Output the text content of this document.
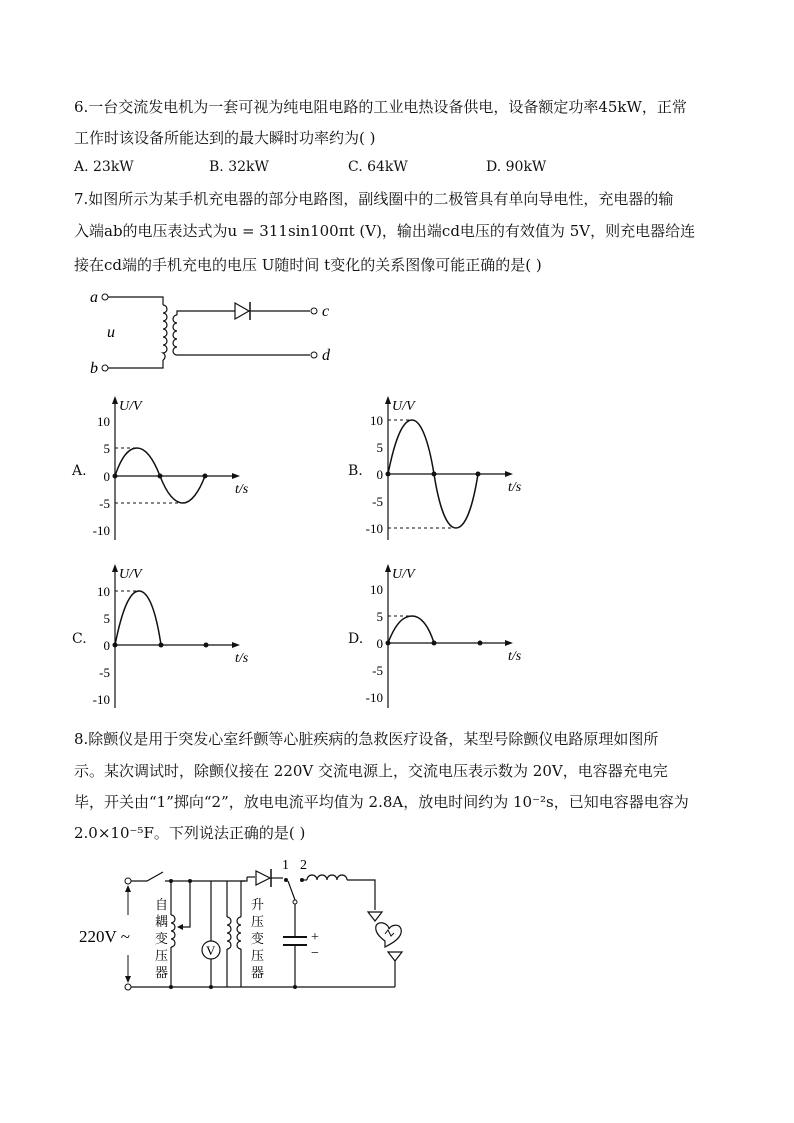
6.一台交流发电机为一套可视为纯电阻电路的工业电热设备供电，设备额定功率45kW，正常
工作时该设备所能达到的最大瞬时功率约为( )
A. 23kW	B. 32kW	C. 64kW	D. 90kW
7.如图所示为某手机充电器的部分电路图，副线圈中的二极管具有单向导电性，充电器的输
入端ab的电压表达式为u = 311sin100πt (V)，输出端cd电压的有效值为 5V，则充电器给连
接在cd端的手机充电的电压 U随时间 t变化的关系图像可能正确的是( )
a
b
u
c
d
A.	B.
C.	D.
U/V
t/s
10
5
0
-5
-10
U/V
t/s
10
5
0
-5
-10
U/V
t/s
10
5
0
-5
-10
U/V
t/s
10
5
0
-5
-10
8.除颤仪是用于突发心室纤颤等心脏疾病的急救医疗设备，某型号除颤仪电路原理如图所
示。某次调试时，除颤仪接在 220V 交流电源上，交流电压表示数为 20V，电容器充电完
毕，开关由“1”掷向“2”，放电电流平均值为 2.8A，放电时间约为 10⁻²s，已知电容器电容为
2.0×10⁻⁵F。下列说法正确的是( )
220V ~
自
耦
变
压
器
V
升
压
变
压
器
1 2
+
−
